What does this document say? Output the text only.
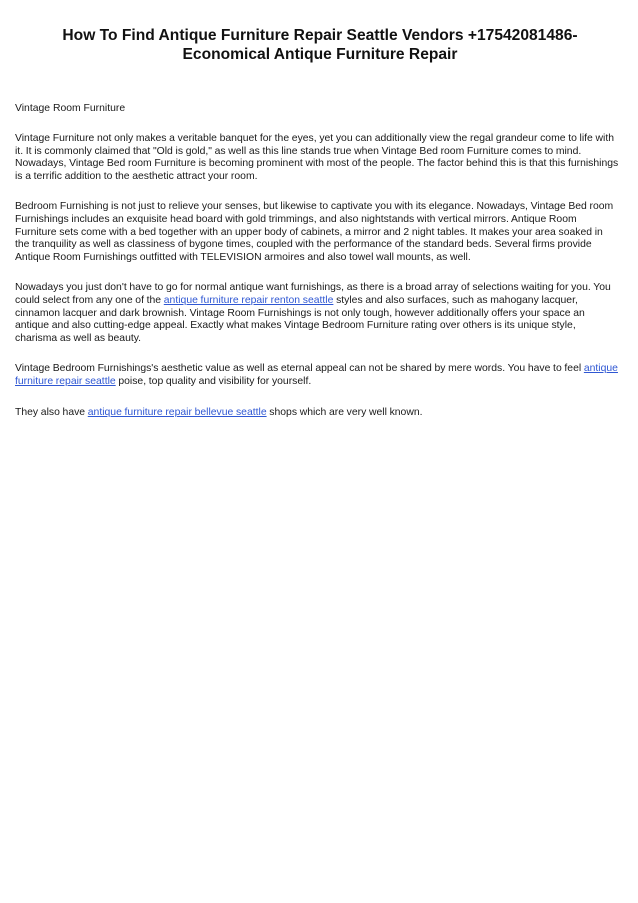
How To Find Antique Furniture Repair Seattle Vendors +17542081486-Economical Antique Furniture Repair

Vintage Room Furniture

Vintage Furniture not only makes a veritable banquet for the eyes, yet you can additionally view the regal grandeur come to life with it. It is commonly claimed that "Old is gold," as well as this line stands true when Vintage Bed room Furniture comes to mind. Nowadays, Vintage Bed room Furniture is becoming prominent with most of the people. The factor behind this is that this furnishings is a terrific addition to the aesthetic attract your room.

Bedroom Furnishing is not just to relieve your senses, but likewise to captivate you with its elegance. Nowadays, Vintage Bed room Furnishings includes an exquisite head board with gold trimmings, and also nightstands with vertical mirrors. Antique Room Furniture sets come with a bed together with an upper body of cabinets, a mirror and 2 night tables. It makes your area soaked in the tranquility as well as classiness of bygone times, coupled with the performance of the standard beds. Several firms provide Antique Room Furnishings outfitted with TELEVISION armoires and also towel wall mounts, as well.

Nowadays you just don't have to go for normal antique want furnishings, as there is a broad array of selections waiting for you. You could select from any one of the antique furniture repair renton seattle styles and also surfaces, such as mahogany lacquer, cinnamon lacquer and dark brownish. Vintage Room Furnishings is not only tough, however additionally offers your space an antique and also cutting-edge appeal. Exactly what makes Vintage Bedroom Furniture rating over others is its unique style, charisma as well as beauty.

Vintage Bedroom Furnishings's aesthetic value as well as eternal appeal can not be shared by mere words. You have to feel antique furniture repair seattle poise, top quality and visibility for yourself.

They also have antique furniture repair bellevue seattle shops which are very well known.
